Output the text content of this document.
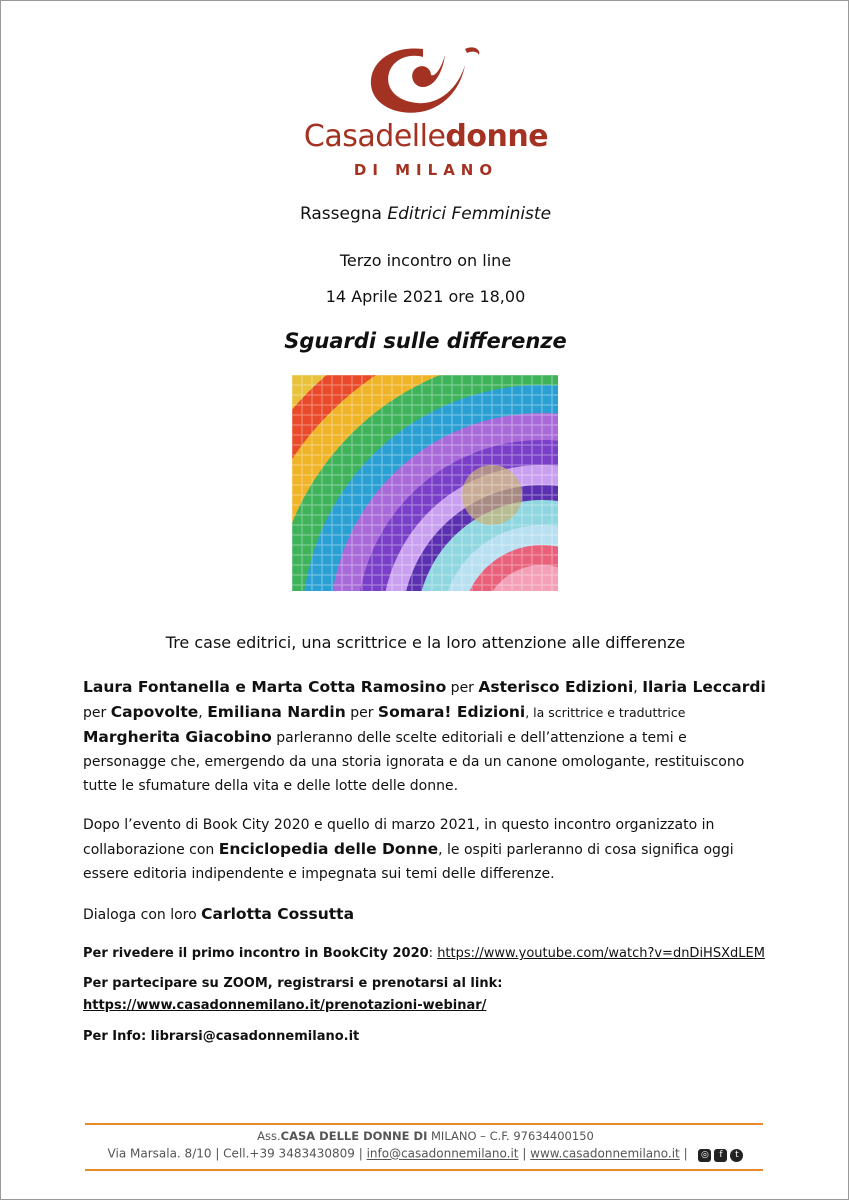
Casadelledonne
DI MILANO
Rassegna Editrici Femministe
Terzo incontro on line
14 Aprile 2021 ore 18,00
Sguardi sulle differenze
Tre case editrici, una scrittrice e la loro attenzione alle differenze
Laura Fontanella e Marta Cotta Ramosino per Asterisco Edizioni, Ilaria Leccardi per Capovolte, Emiliana Nardin per Somara! Edizioni, la scrittrice e traduttrice Margherita Giacobino parleranno delle scelte editoriali e dell’attenzione a temi e personagge che, emergendo da una storia ignorata e da un canone omologante, restituiscono tutte le sfumature della vita e delle lotte delle donne.
Dopo l’evento di Book City 2020 e quello di marzo 2021, in questo incontro organizzato in collaborazione con Enciclopedia delle Donne, le ospiti parleranno di cosa significa oggi essere editoria indipendente e impegnata sui temi delle differenze.
Dialoga con loro Carlotta Cossutta
Per rivedere il primo incontro in BookCity 2020: https://www.youtube.com/watch?v=dnDiHSXdLEM
Per partecipare su ZOOM, registrarsi e prenotarsi al link: https://www.casadonnemilano.it/prenotazioni-webinar/
Per Info: librarsi@casadonnemilano.it
Ass.CASA DELLE DONNE DI MILANO – C.F. 97634400150
Via Marsala. 8/10 | Cell.+39 3483430809 | info@casadonnemilano.it | www.casadonnemilano.it | ◎ f t
